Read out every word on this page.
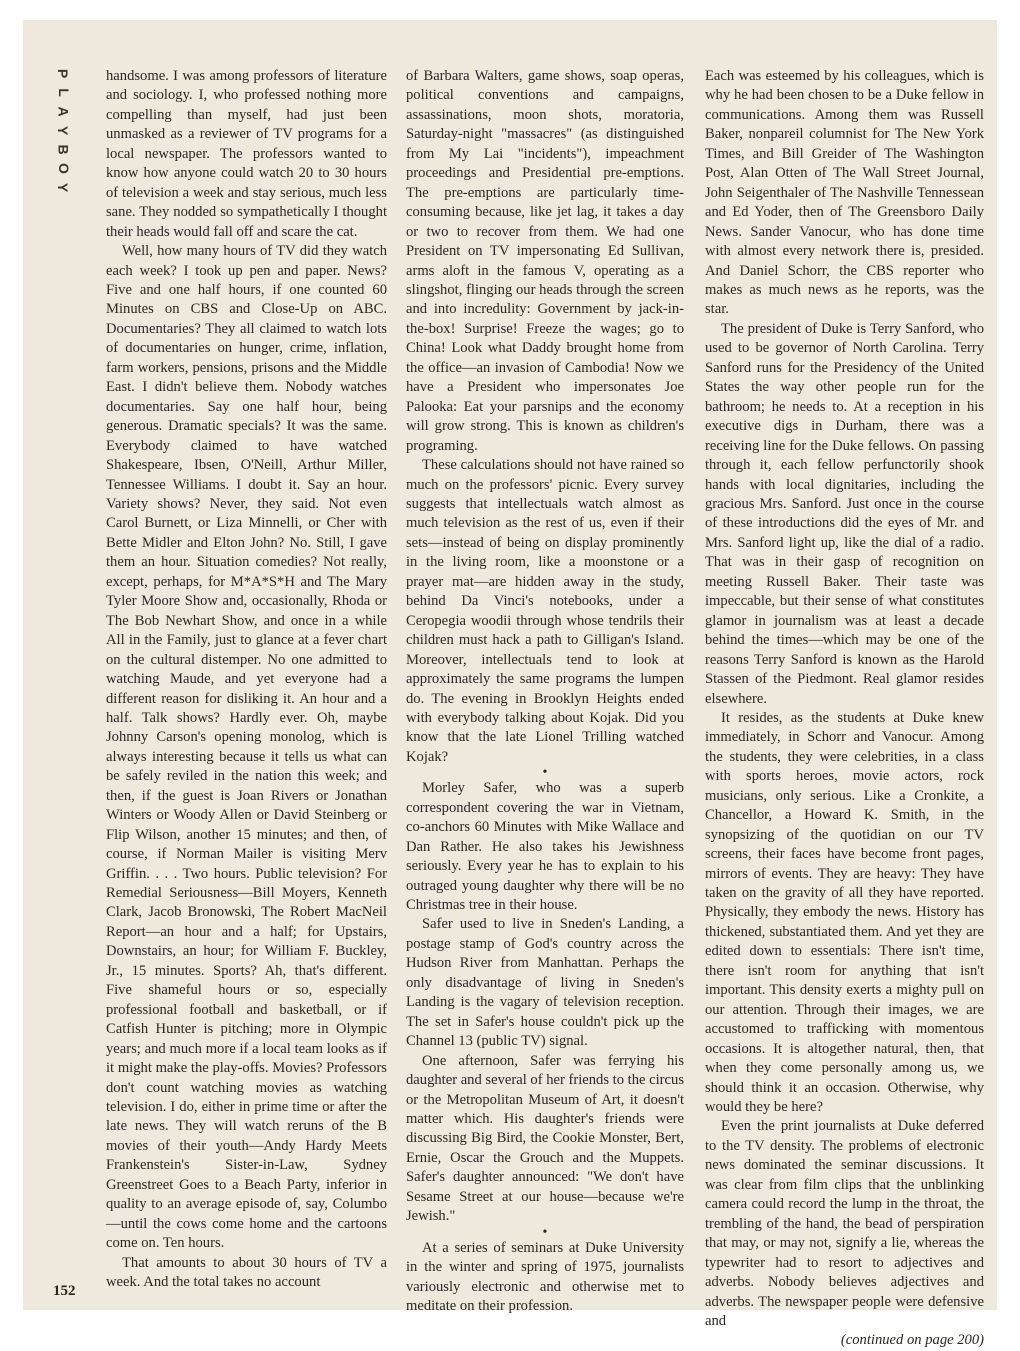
P
L
A
Y
B
O
Y

handsome. I was among professors of literature and sociology. I, who professed nothing more compelling than myself, had just been unmasked as a reviewer of TV programs for a local newspaper. The professors wanted to know how anyone could watch 20 to 30 hours of television a week and stay serious, much less sane. They nodded so sympathetically I thought their heads would fall off and scare the cat.

Well, how many hours of TV did they watch each week? I took up pen and paper. News? Five and one half hours, if one counted 60 Minutes on CBS and Close-Up on ABC. Documentaries? They all claimed to watch lots of documentaries on hunger, crime, inflation, farm workers, pensions, prisons and the Middle East. I didn't believe them. Nobody watches documentaries. Say one half hour, being generous. Dramatic specials? It was the same. Everybody claimed to have watched Shakespeare, Ibsen, O'Neill, Arthur Miller, Tennessee Williams. I doubt it. Say an hour. Variety shows? Never, they said. Not even Carol Burnett, or Liza Minnelli, or Cher with Bette Midler and Elton John? No. Still, I gave them an hour. Situation comedies? Not really, except, perhaps, for M*A*S*H and The Mary Tyler Moore Show and, occasionally, Rhoda or The Bob Newhart Show, and once in a while All in the Family, just to glance at a fever chart on the cultural distemper. No one admitted to watching Maude, and yet everyone had a different reason for disliking it. An hour and a half. Talk shows? Hardly ever. Oh, maybe Johnny Carson's opening monolog, which is always interesting because it tells us what can be safely reviled in the nation this week; and then, if the guest is Joan Rivers or Jonathan Winters or Woody Allen or David Steinberg or Flip Wilson, another 15 minutes; and then, of course, if Norman Mailer is visiting Merv Griffin. . . . Two hours. Public television? For Remedial Seriousness—Bill Moyers, Kenneth Clark, Jacob Bronowski, The Robert MacNeil Report—an hour and a half; for Upstairs, Downstairs, an hour; for William F. Buckley, Jr., 15 minutes. Sports? Ah, that's different. Five shameful hours or so, especially professional football and basketball, or if Catfish Hunter is pitching; more in Olympic years; and much more if a local team looks as if it might make the play-offs. Movies? Professors don't count watching movies as watching television. I do, either in prime time or after the late news. They will watch reruns of the B movies of their youth—Andy Hardy Meets Frankenstein's Sister-in-Law, Sydney Greenstreet Goes to a Beach Party, inferior in quality to an average episode of, say, Columbo—until the cows come home and the cartoons come on. Ten hours.

That amounts to about 30 hours of TV a week. And the total takes no account

of Barbara Walters, game shows, soap operas, political conventions and campaigns, assassinations, moon shots, moratoria, Saturday-night "massacres" (as distinguished from My Lai "incidents"), impeachment proceedings and Presidential pre-emptions. The pre-emptions are particularly time-consuming because, like jet lag, it takes a day or two to recover from them. We had one President on TV impersonating Ed Sullivan, arms aloft in the famous V, operating as a slingshot, flinging our heads through the screen and into incredulity: Government by jack-in-the-box! Surprise! Freeze the wages; go to China! Look what Daddy brought home from the office—an invasion of Cambodia! Now we have a President who impersonates Joe Palooka: Eat your parsnips and the economy will grow strong. This is known as children's programing.

These calculations should not have rained so much on the professors' picnic. Every survey suggests that intellectuals watch almost as much television as the rest of us, even if their sets—instead of being on display prominently in the living room, like a moonstone or a prayer mat—are hidden away in the study, behind Da Vinci's notebooks, under a Ceropegia woodii through whose tendrils their children must hack a path to Gilligan's Island. Moreover, intellectuals tend to look at approximately the same programs the lumpen do. The evening in Brooklyn Heights ended with everybody talking about Kojak. Did you know that the late Lionel Trilling watched Kojak?

•

Morley Safer, who was a superb correspondent covering the war in Vietnam, co-anchors 60 Minutes with Mike Wallace and Dan Rather. He also takes his Jewishness seriously. Every year he has to explain to his outraged young daughter why there will be no Christmas tree in their house.

Safer used to live in Sneden's Landing, a postage stamp of God's country across the Hudson River from Manhattan. Perhaps the only disadvantage of living in Sneden's Landing is the vagary of television reception. The set in Safer's house couldn't pick up the Channel 13 (public TV) signal.

One afternoon, Safer was ferrying his daughter and several of her friends to the circus or the Metropolitan Museum of Art, it doesn't matter which. His daughter's friends were discussing Big Bird, the Cookie Monster, Bert, Ernie, Oscar the Grouch and the Muppets. Safer's daughter announced: "We don't have Sesame Street at our house—because we're Jewish."

•

At a series of seminars at Duke University in the winter and spring of 1975, journalists variously electronic and otherwise met to meditate on their profession.

Each was esteemed by his colleagues, which is why he had been chosen to be a Duke fellow in communications. Among them was Russell Baker, nonpareil columnist for The New York Times, and Bill Greider of The Washington Post, Alan Otten of The Wall Street Journal, John Seigenthaler of The Nashville Tennessean and Ed Yoder, then of The Greensboro Daily News. Sander Vanocur, who has done time with almost every network there is, presided. And Daniel Schorr, the CBS reporter who makes as much news as he reports, was the star.

The president of Duke is Terry Sanford, who used to be governor of North Carolina. Terry Sanford runs for the Presidency of the United States the way other people run for the bathroom; he needs to. At a reception in his executive digs in Durham, there was a receiving line for the Duke fellows. On passing through it, each fellow perfunctorily shook hands with local dignitaries, including the gracious Mrs. Sanford. Just once in the course of these introductions did the eyes of Mr. and Mrs. Sanford light up, like the dial of a radio. That was in their gasp of recognition on meeting Russell Baker. Their taste was impeccable, but their sense of what constitutes glamor in journalism was at least a decade behind the times—which may be one of the reasons Terry Sanford is known as the Harold Stassen of the Piedmont. Real glamor resides elsewhere.

It resides, as the students at Duke knew immediately, in Schorr and Vanocur. Among the students, they were celebrities, in a class with sports heroes, movie actors, rock musicians, only serious. Like a Cronkite, a Chancellor, a Howard K. Smith, in the synopsizing of the quotidian on our TV screens, their faces have become front pages, mirrors of events. They are heavy: They have taken on the gravity of all they have reported. Physically, they embody the news. History has thickened, substantiated them. And yet they are edited down to essentials: There isn't time, there isn't room for anything that isn't important. This density exerts a mighty pull on our attention. Through their images, we are accustomed to trafficking with momentous occasions. It is altogether natural, then, that when they come personally among us, we should think it an occasion. Otherwise, why would they be here?

Even the print journalists at Duke deferred to the TV density. The problems of electronic news dominated the seminar discussions. It was clear from film clips that the unblinking camera could record the lump in the throat, the trembling of the hand, the bead of perspiration that may, or may not, signify a lie, whereas the typewriter had to resort to adjectives and adverbs. Nobody believes adjectives and adverbs. The newspaper people were defensive and

(continued on page 200)

152
